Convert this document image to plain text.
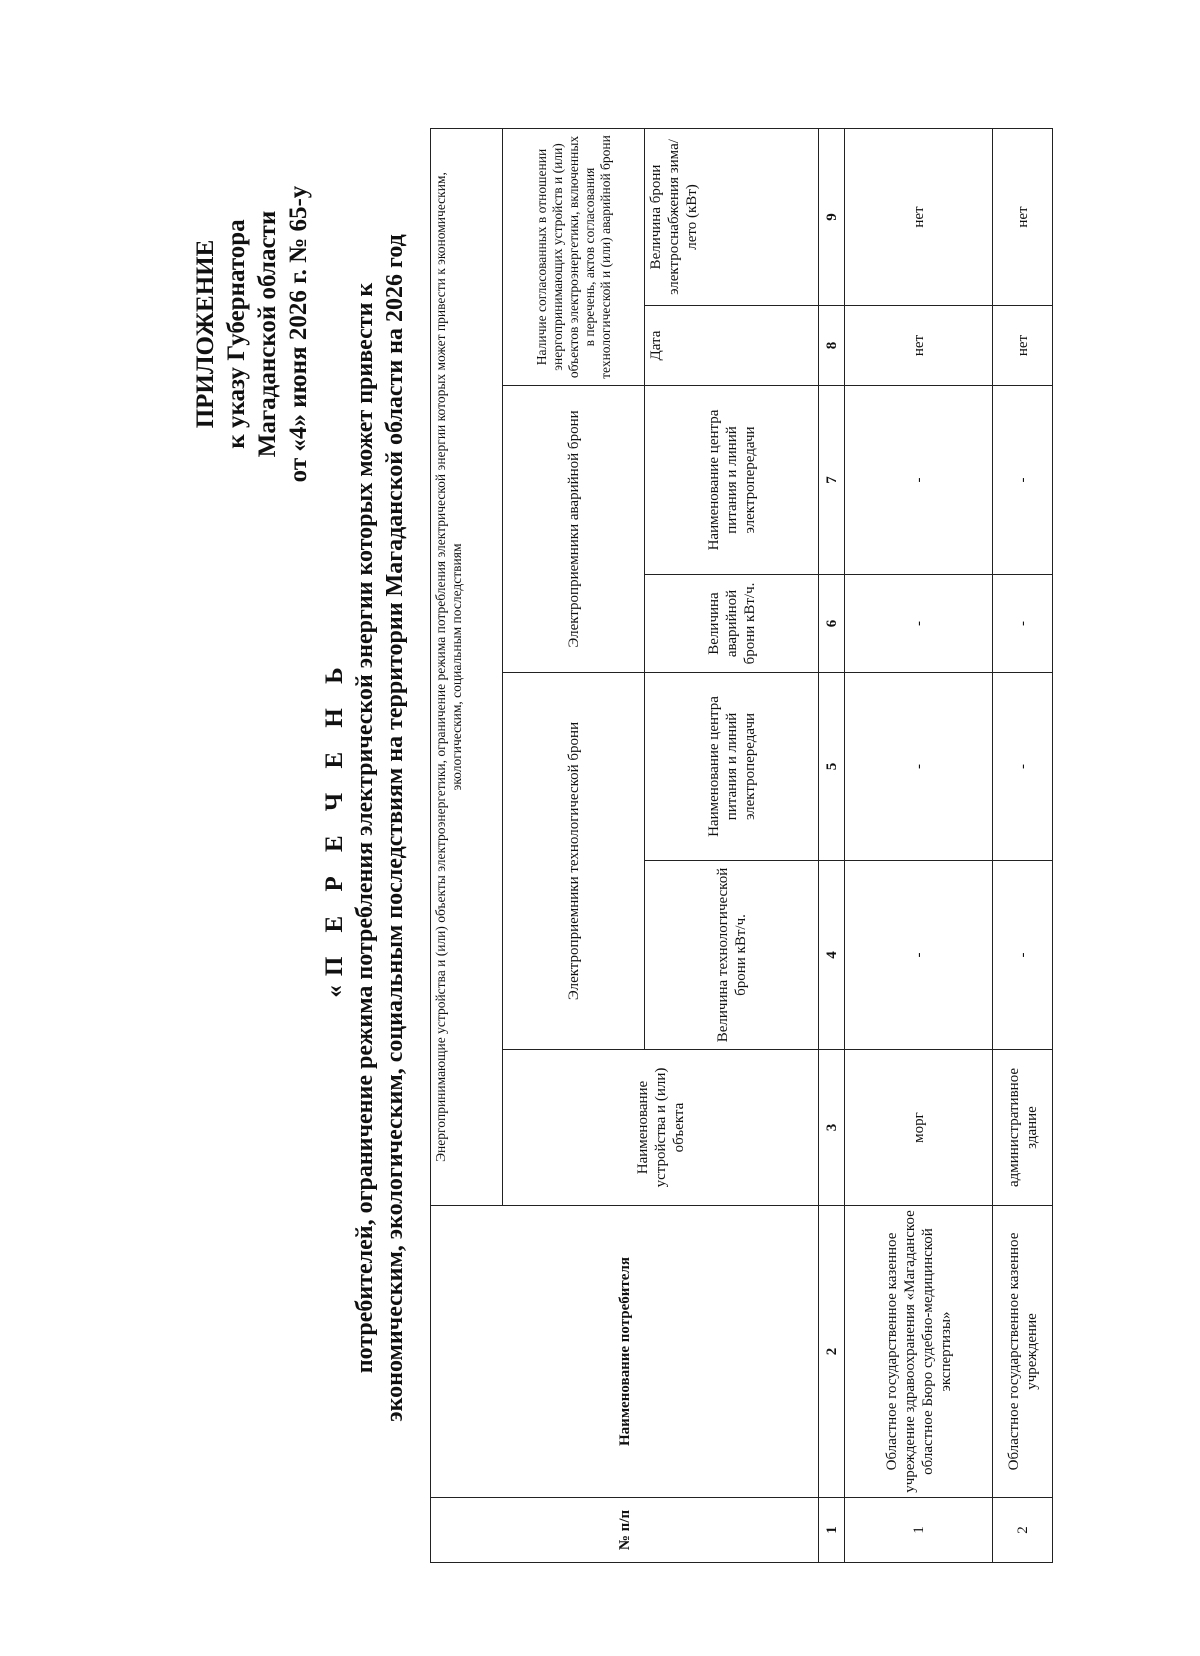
ПРИЛОЖЕНИЕ к указу Губернатора Магаданской области от «4» июня 2026 г. № 65-у
«П Е Р Е Ч Е Н Ь потребителей, ограничение режима потребления электрической энергии которых может привести к экономическим, экологическим, социальным последствиям на территории Магаданской области на 2026 год
№ п/п	Наименование потребителя	Энергопринимающие устройства и (или) объекты электроэнергетики, ограничение режима потребления электрической энергии которых может привести к экономическим, экологическим, социальным последствиям						
		Наименование устройства и (или) объекта	Электроприемники технологической брони		Электроприемники аварийной брони		Наличие согласованных в отношении энергопринимающих устройств и (или) объектов электроэнергетики, включенных в перечень, актов согласования технологической и (или) аварийной брони	
			Величина технологической брони кВт/ч.	Наименование центра питания и линий электропередачи	Величина аварийной брони кВт/ч.	Наименование центра питания и линий электропередачи	Дата	Величина брони электроснабжения зима/лето (кВт)
1	2	3	4	5	6	7	8	9
1	Областное государственное казенное учреждение здравоохранения «Магаданское областное Бюро судебно-медицинской экспертизы»	морг	-	-	-	-	нет	нет
2	Областное государственное казенное учреждение	административное здание	-	-	-	-	нет	нет
